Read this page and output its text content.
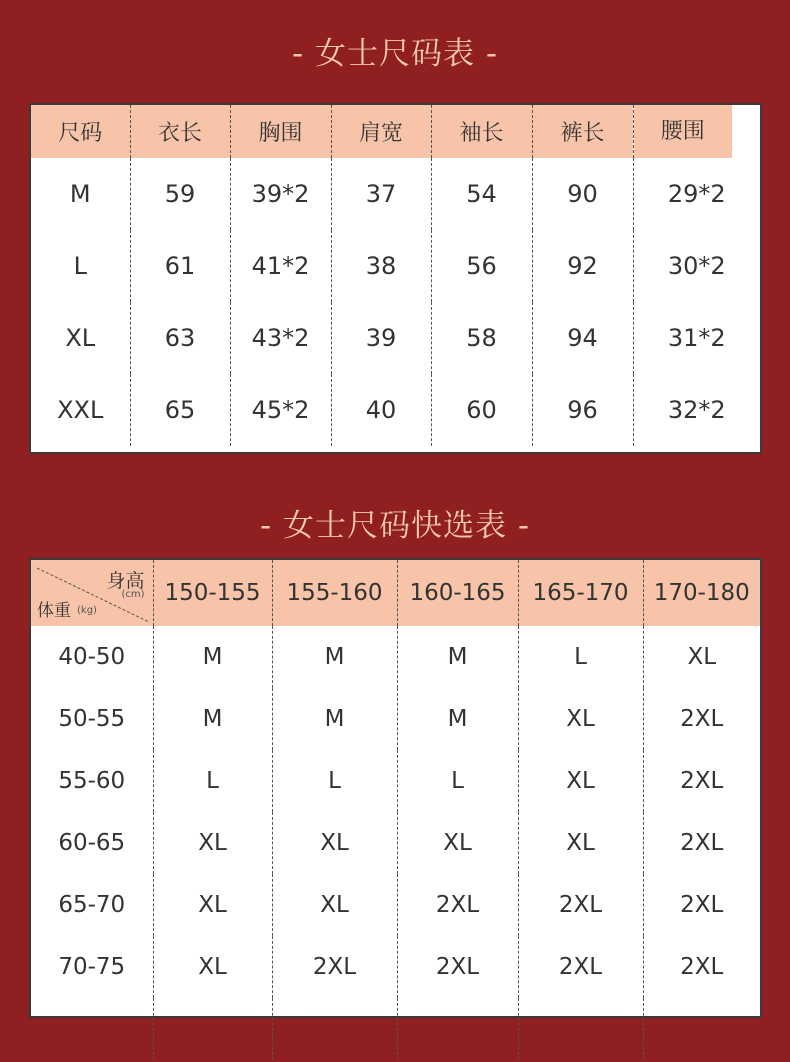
- 女士尺码表 -
尺码	衣长	胸围	肩宽	袖长	裤长	腰围

M	59	39*2	37	54	90	29*2
L	61	41*2	38	56	92	30*2
XL	63	43*2	39	58	94	31*2
XXL	65	45*2	40	60	96	32*2
- 女士尺码快选表 -
身高
(cm)
体重 (kg)	150-155	155-160	160-165	165-170	170-180
40-50	M	M	M	L	XL
50-55	M	M	M	XL	2XL
55-60	L	L	L	XL	2XL
60-65	XL	XL	XL	XL	2XL
65-70	XL	XL	2XL	2XL	2XL
70-75	XL	2XL	2XL	2XL	2XL
